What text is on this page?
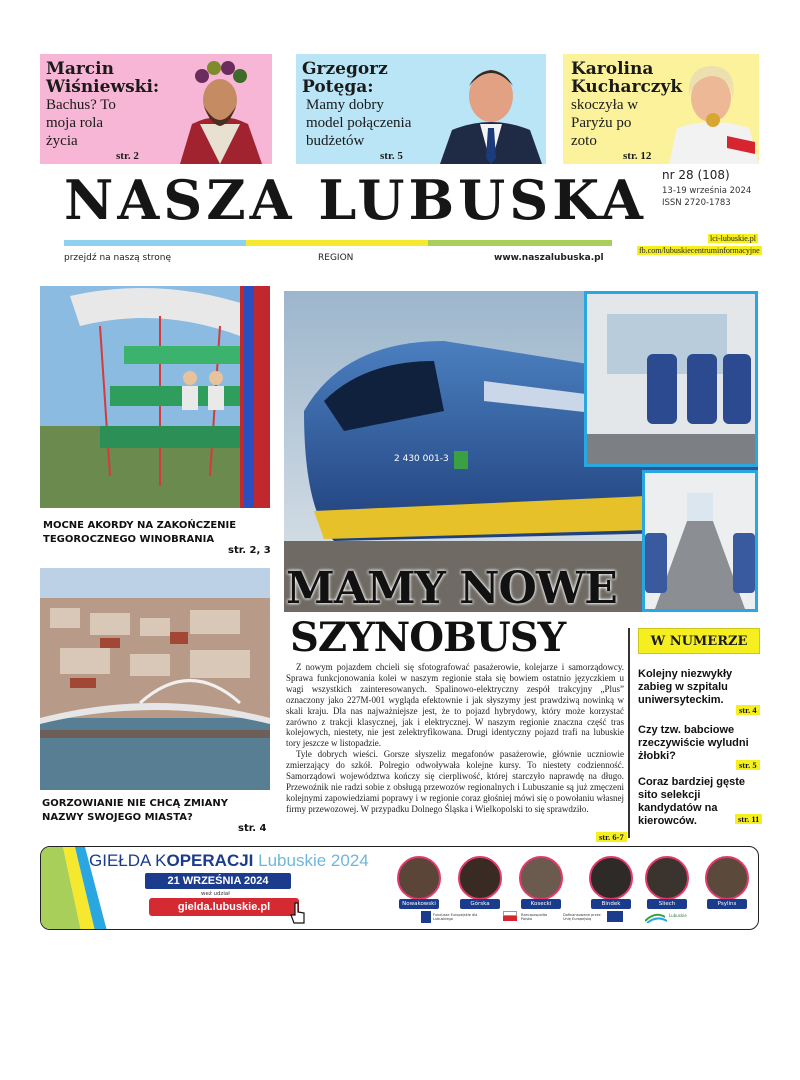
Marcin Wiśniewski:
Bachus? To moja rola życia
str. 2
Grzegorz Potęga:
Mamy dobry model połączenia budżetów
str. 5
Karolina Kucharczyk
skoczyła w Paryżu po zoto
str. 12
NASZA LUBUSKA nr 28 (108)
13-19 września 2024
ISSN 2720-1783
lci-lubuskie.pl
fb.com/lubuskiecentruminformacyjne
przejdź na naszą stronę	REGION	www.naszalubuska.pl
MOCNE AKORDY NA ZAKOŃCZENIE TEGOROCZNEGO WINOBRANIA
str. 2, 3
GORZOWIANIE NIE CHCĄ ZMIANY NAZWY SWOJEGO MIASTA?
str. 4
2 430 001-3
MAMY NOWE
SZYNOBUSY

Z nowym pojazdem chcieli się sfotografować pasażerowie, kolejarze i samorządowcy. Sprawa funkcjonowania kolei w naszym regionie stała się bowiem ostatnio języczkiem u wagi wszystkich zainteresowanych. Spalinowo-elektryczny zespół trakcyjny „Plus” oznaczony jako 227M-001 wygląda efektownie i jak słyszymy jest prawdziwą nowinką w skali kraju. Dla nas najważniejsze jest, że to pojazd hybrydowy, który może korzystać zarówno z trakcji klasycznej, jak i elektrycznej. W naszym regionie znaczna część tras kolejowych, niestety, nie jest zelektryfikowana. Drugi identyczny pojazd trafi na lubuskie tory jeszcze w listopadzie.

Tyle dobrych wieści. Gorsze słyszeliz megafonów pasażerowie, głównie uczniowie zmierzający do szkół. Polregio odwoływała kolejne kursy. To niestety codzienność. Samorządowi województwa kończy się cierpliwość, której starczyło naprawdę na długo. Przewoźnik nie radzi sobie z obsługą przewozów regionalnych i Lubuszanie są już zmęczeni kolejnymi zapowiedziami poprawy i w regionie coraz głośniej mówi się o powołaniu własnej firmy przewozowej. W przypadku Dolnego Śląska i Wielkopolski to się sprawdziło.

str. 6-7
W NUMERZE
Kolejny niezwykły zabieg w szpitalu uniwersyteckim.
str. 4
Czy tzw. babciowe rzeczywiście wyludni żłobki?
str. 5
Coraz bardziej gęste sito selekcji kandydatów na kierowców.	str. 11
GIEŁDA KOPERACJI Lubuskie 2024
21 WRZEŚNIA 2024
weź udział
gielda.lubuskie.pl	Nowakowski	Górska	Kosecki	Bindek	Sliech	Psylins
Fundusze Europejskie dla Lubuskiego
Rzeczpospolita Polska
Dofinansowane przez Unię Europejską
Lubuskie
